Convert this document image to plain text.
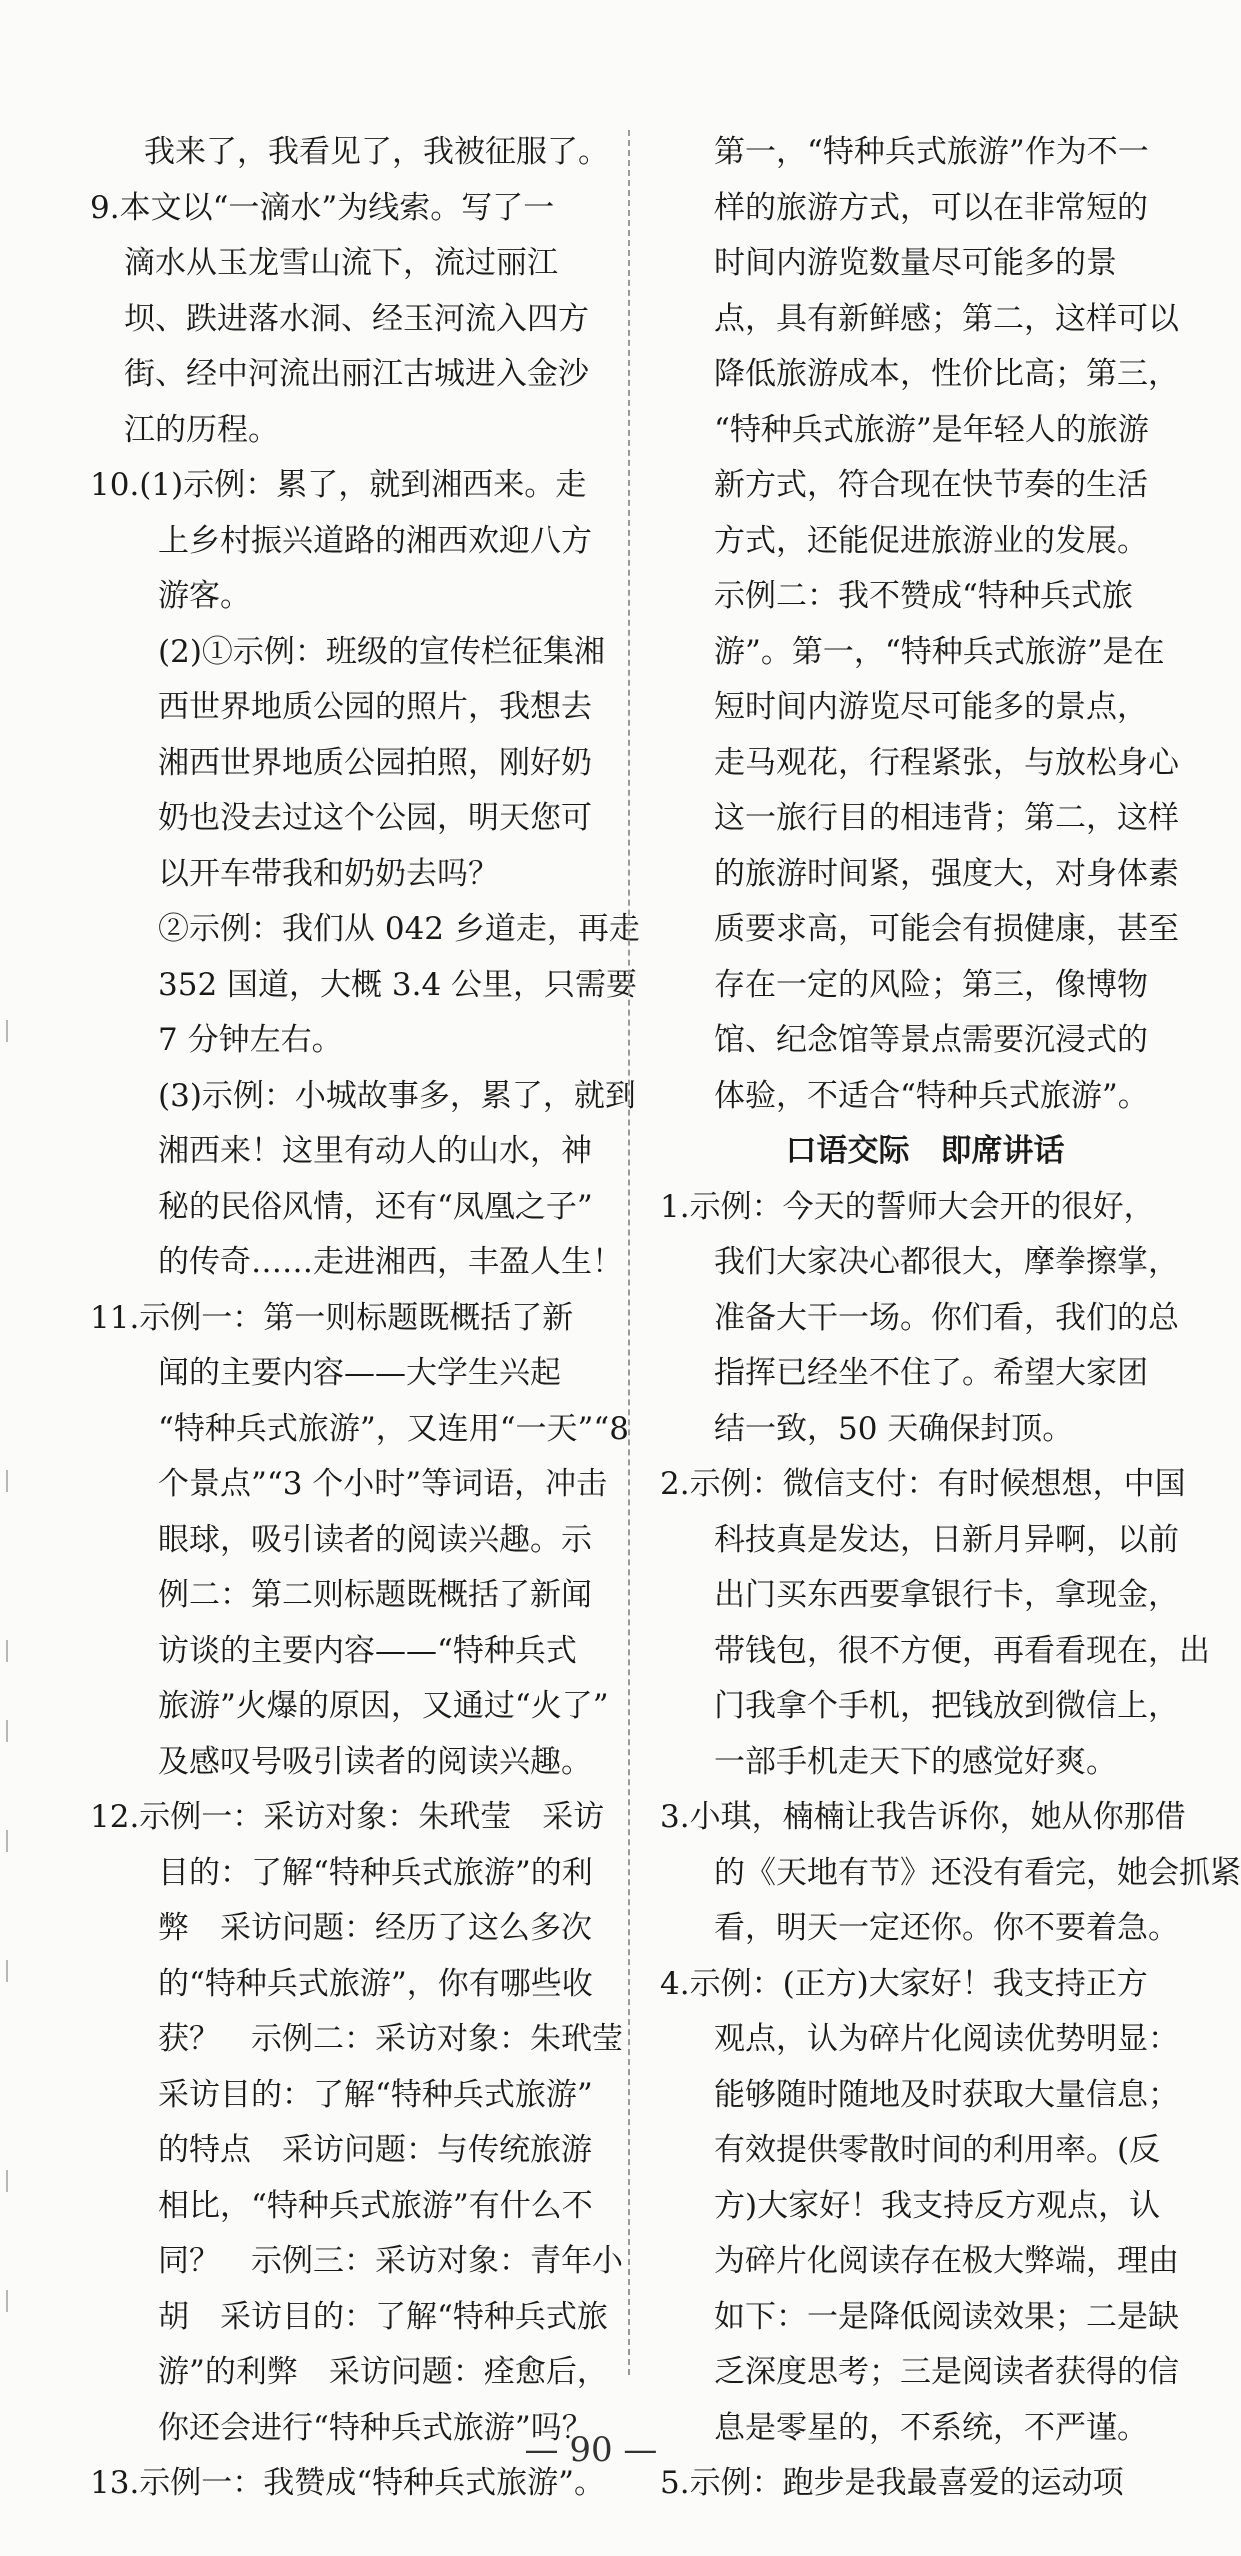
我来了，我看见了，我被征服了。
9.本文以“一滴水”为线索。写了一
滴水从玉龙雪山流下，流过丽江
坝、跌进落水洞、经玉河流入四方
街、经中河流出丽江古城进入金沙
江的历程。
10.(1)示例：累了，就到湘西来。走
上乡村振兴道路的湘西欢迎八方
游客。
(2)①示例：班级的宣传栏征集湘
西世界地质公园的照片，我想去
湘西世界地质公园拍照，刚好奶
奶也没去过这个公园，明天您可
以开车带我和奶奶去吗？
②示例：我们从 042 乡道走，再走
352 国道，大概 3.4 公里，只需要
7 分钟左右。
(3)示例：小城故事多，累了，就到
湘西来！这里有动人的山水，神
秘的民俗风情，还有“凤凰之子”
的传奇……走进湘西，丰盈人生！
11.示例一：第一则标题既概括了新
闻的主要内容——大学生兴起
“特种兵式旅游”，又连用“一天”“8
个景点”“3 个小时”等词语，冲击
眼球，吸引读者的阅读兴趣。示
例二：第二则标题既概括了新闻
访谈的主要内容——“特种兵式
旅游”火爆的原因，又通过“火了”
及感叹号吸引读者的阅读兴趣。
12.示例一：采访对象：朱玳莹　采访
目的：了解“特种兵式旅游”的利
弊　采访问题：经历了这么多次
的“特种兵式旅游”，你有哪些收
获？　示例二：采访对象：朱玳莹
采访目的：了解“特种兵式旅游”
的特点　采访问题：与传统旅游
相比，“特种兵式旅游”有什么不
同？　示例三：采访对象：青年小
胡　采访目的：了解“特种兵式旅
游”的利弊　采访问题：痊愈后，
你还会进行“特种兵式旅游”吗？
13.示例一：我赞成“特种兵式旅游”。
第一，“特种兵式旅游”作为不一
样的旅游方式，可以在非常短的
时间内游览数量尽可能多的景
点，具有新鲜感；第二，这样可以
降低旅游成本，性价比高；第三，
“特种兵式旅游”是年轻人的旅游
新方式，符合现在快节奏的生活
方式，还能促进旅游业的发展。
示例二：我不赞成“特种兵式旅
游”。第一，“特种兵式旅游”是在
短时间内游览尽可能多的景点，
走马观花，行程紧张，与放松身心
这一旅行目的相违背；第二，这样
的旅游时间紧，强度大，对身体素
质要求高，可能会有损健康，甚至
存在一定的风险；第三，像博物
馆、纪念馆等景点需要沉浸式的
体验，不适合“特种兵式旅游”。
口语交际　即席讲话
1.示例：今天的誓师大会开的很好，
我们大家决心都很大，摩拳擦掌，
准备大干一场。你们看，我们的总
指挥已经坐不住了。希望大家团
结一致，50 天确保封顶。
2.示例：微信支付：有时候想想，中国
科技真是发达，日新月异啊，以前
出门买东西要拿银行卡，拿现金，
带钱包，很不方便，再看看现在，出
门我拿个手机，把钱放到微信上，
一部手机走天下的感觉好爽。
3.小琪，楠楠让我告诉你，她从你那借
的《天地有节》还没有看完，她会抓紧
看，明天一定还你。你不要着急。
4.示例：(正方)大家好！我支持正方
观点，认为碎片化阅读优势明显：
能够随时随地及时获取大量信息；
有效提供零散时间的利用率。(反
方)大家好！我支持反方观点，认
为碎片化阅读存在极大弊端，理由
如下：一是降低阅读效果；二是缺
乏深度思考；三是阅读者获得的信
息是零星的，不系统，不严谨。
5.示例：跑步是我最喜爱的运动项
— 90 —
